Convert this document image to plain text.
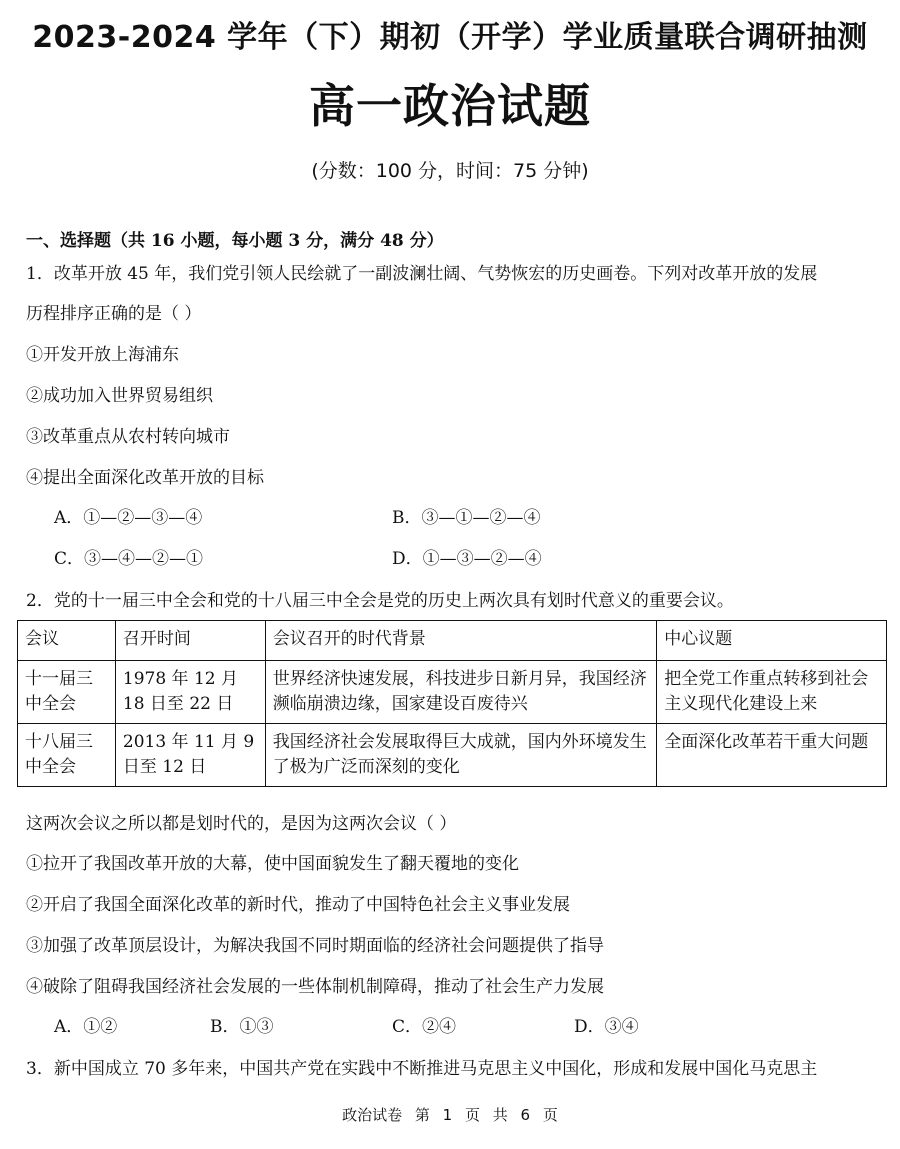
2023-2024 学年（下）期初（开学）学业质量联合调研抽测
高一政治试题
(分数：100 分，时间：75 分钟)
一、选择题（共 16 小题，每小题 3 分，满分 48 分）
1．改革开放 45 年，我们党引领人民绘就了一副波澜壮阔、气势恢宏的历史画卷。下列对改革开放的发展
历程排序正确的是（ ）
①开发开放上海浦东
②成功加入世界贸易组织
③改革重点从农村转向城市
④提出全面深化改革开放的目标
A．①—②—③—④	B．③—①—②—④
C．③—④—②—①	D．①—③—②—④
2．党的十一届三中全会和党的十八届三中全会是党的历史上两次具有划时代意义的重要会议。
会议	召开时间	会议召开的时代背景	中心议题
十一届三中全会	1978 年 12 月 18 日至 22 日	世界经济快速发展，科技进步日新月异，我国经济濒临崩溃边缘，国家建设百废待兴	把全党工作重点转移到社会主义现代化建设上来
十八届三中全会	2013 年 11 月 9 日至 12 日	我国经济社会发展取得巨大成就，国内外环境发生了极为广泛而深刻的变化	全面深化改革若干重大问题
这两次会议之所以都是划时代的，是因为这两次会议（ ）
①拉开了我国改革开放的大幕，使中国面貌发生了翻天覆地的变化
②开启了我国全面深化改革的新时代，推动了中国特色社会主义事业发展
③加强了改革顶层设计，为解决我国不同时期面临的经济社会问题提供了指导
④破除了阻碍我国经济社会发展的一些体制机制障碍，推动了社会生产力发展
A．①②	B．①③	C．②④	D．③④
3．新中国成立 70 多年来，中国共产党在实践中不断推进马克思主义中国化，形成和发展中国化马克思主
政治试卷 第 1 页 共 6 页
